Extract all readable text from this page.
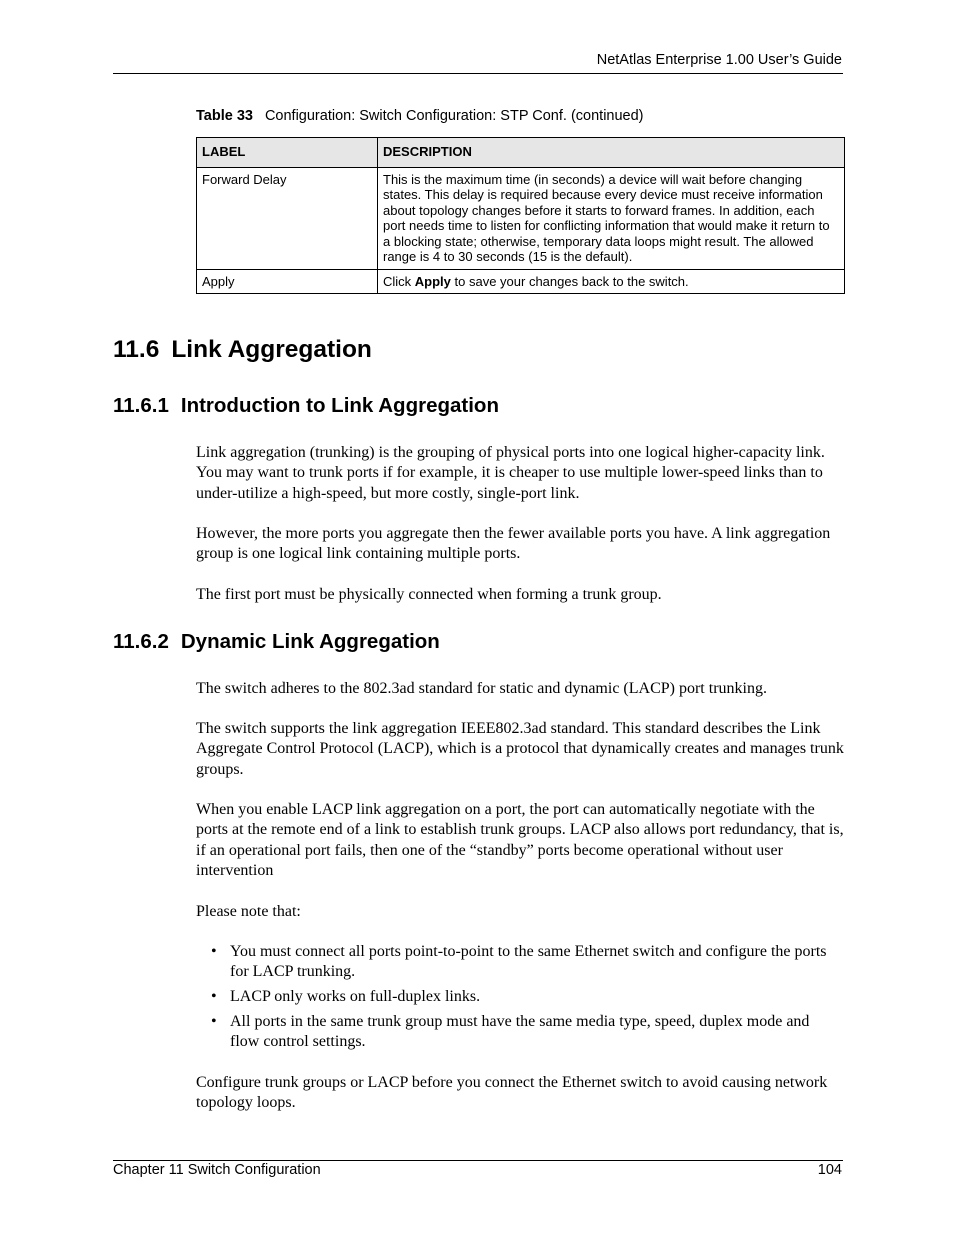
NetAtlas Enterprise 1.00 User’s Guide
Table 33 Configuration: Switch Configuration: STP Conf. (continued)
LABEL	DESCRIPTION
Forward Delay	This is the maximum time (in seconds) a device will wait before changing states. This delay is required because every device must receive information about topology changes before it starts to forward frames. In addition, each port needs time to listen for conflicting information that would make it return to a blocking state; otherwise, temporary data loops might result. The allowed range is 4 to 30 seconds (15 is the default).
Apply	Click Apply to save your changes back to the switch.
11.6 Link Aggregation
11.6.1 Introduction to Link Aggregation

Link aggregation (trunking) is the grouping of physical ports into one logical higher-capacity link. You may want to trunk ports if for example, it is cheaper to use multiple lower-speed links than to under-utilize a high-speed, but more costly, single-port link.

However, the more ports you aggregate then the fewer available ports you have. A link aggregation group is one logical link containing multiple ports.

The first port must be physically connected when forming a trunk group.

11.6.2 Dynamic Link Aggregation

The switch adheres to the 802.3ad standard for static and dynamic (LACP) port trunking.

The switch supports the link aggregation IEEE802.3ad standard. This standard describes the Link Aggregate Control Protocol (LACP), which is a protocol that dynamically creates and manages trunk groups.

When you enable LACP link aggregation on a port, the port can automatically negotiate with the ports at the remote end of a link to establish trunk groups. LACP also allows port redundancy, that is, if an operational port fails, then one of the “standby” ports become operational without user intervention

Please note that:

• You must connect all ports point-to-point to the same Ethernet switch and configure the ports for LACP trunking.
• LACP only works on full-duplex links.
• All ports in the same trunk group must have the same media type, speed, duplex mode and flow control settings.

Configure trunk groups or LACP before you connect the Ethernet switch to avoid causing network topology loops.

Chapter 11 Switch Configuration	104
